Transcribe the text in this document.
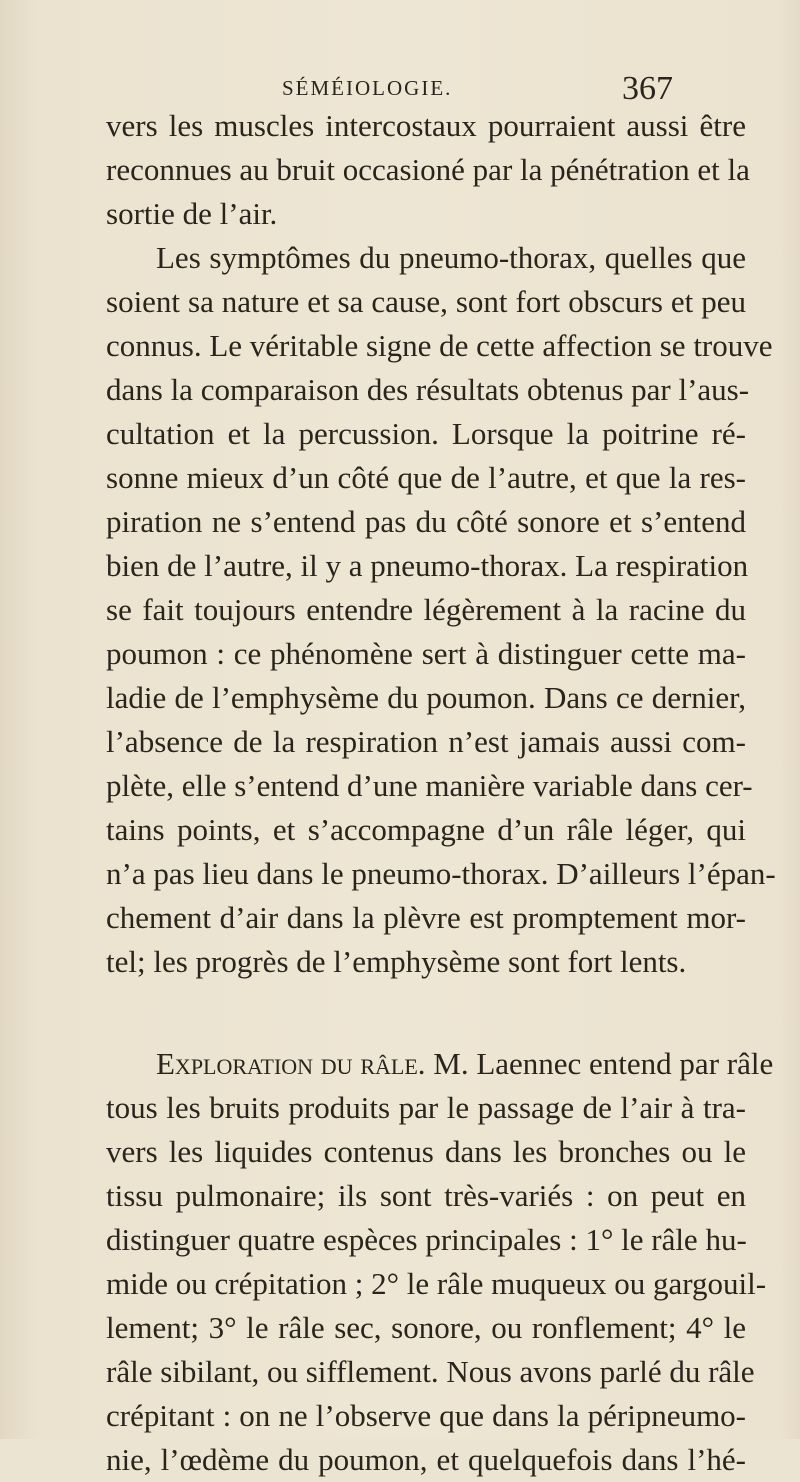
SÉMÉIOLOGIE.	367
vers les muscles intercostaux pourraient aussi être
reconnues au bruit occasioné par la pénétration et la
sortie de l’air.
Les symptômes du pneumo-thorax, quelles que
soient sa nature et sa cause, sont fort obscurs et peu
connus. Le véritable signe de cette affection se trouve
dans la comparaison des résultats obtenus par l’aus-
cultation et la percussion. Lorsque la poitrine ré-
sonne mieux d’un côté que de l’autre, et que la res-
piration ne s’entend pas du côté sonore et s’entend
bien de l’autre, il y a pneumo-thorax. La respiration
se fait toujours entendre légèrement à la racine du
poumon : ce phénomène sert à distinguer cette ma-
ladie de l’emphysème du poumon. Dans ce dernier,
l’absence de la respiration n’est jamais aussi com-
plète, elle s’entend d’une manière variable dans cer-
tains points, et s’accompagne d’un râle léger, qui
n’a pas lieu dans le pneumo-thorax. D’ailleurs l’épan-
chement d’air dans la plèvre est promptement mor-
tel; les progrès de l’emphysème sont fort lents.
Exploration du râle. M. Laennec entend par râle
tous les bruits produits par le passage de l’air à tra-
vers les liquides contenus dans les bronches ou le
tissu pulmonaire; ils sont très-variés : on peut en
distinguer quatre espèces principales : 1° le râle hu-
mide ou crépitation ; 2° le râle muqueux ou gargouil-
lement; 3° le râle sec, sonore, ou ronflement; 4° le
râle sibilant, ou sifflement. Nous avons parlé du râle
crépitant : on ne l’observe que dans la péripneumo-
nie, l’œdème du poumon, et quelquefois dans l’hé-
